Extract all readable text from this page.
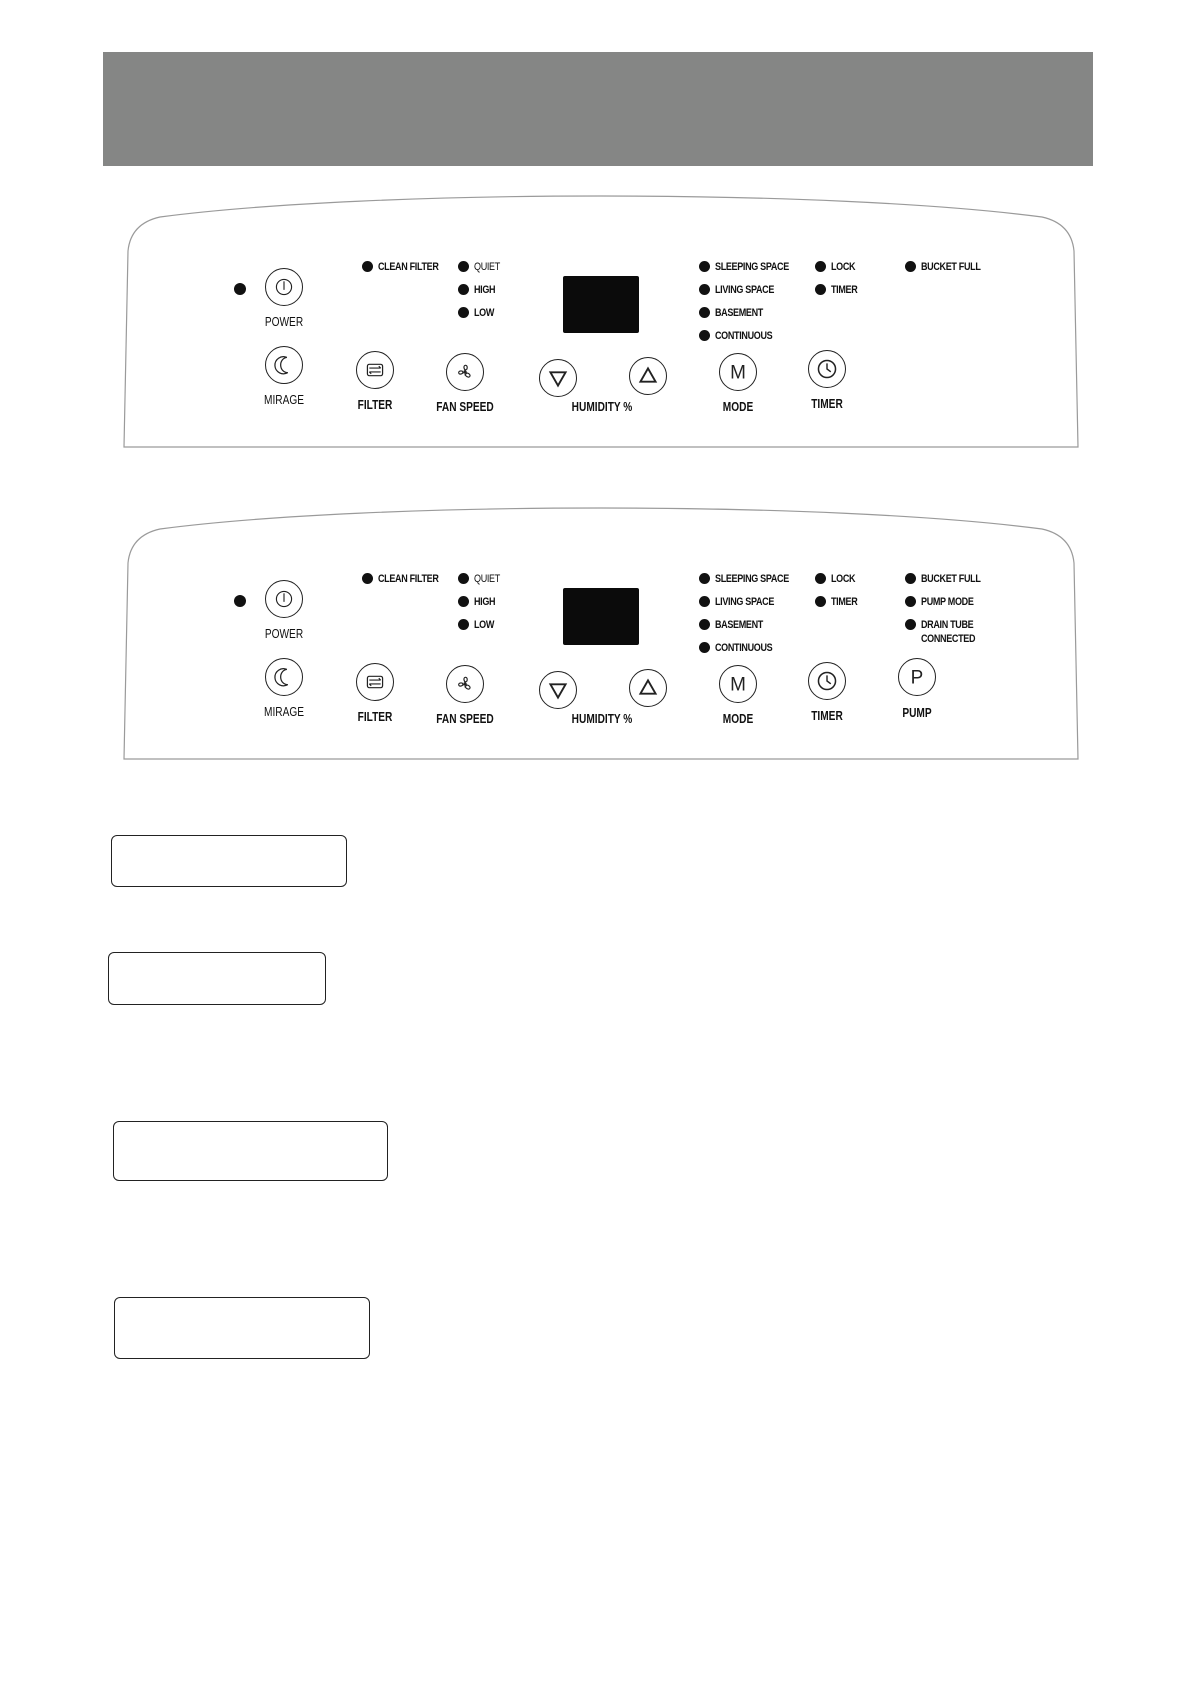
CLEAN FILTER	QUIET
HIGH
LOW
SLEEPING SPACE
LIVING SPACE
BASEMENT
CONTINUOUS
LOCK
TIMER
BUCKET FULL
POWER
MIRAGE	FILTER	FAN SPEED	HUMIDITY %
M
MODE	TIMER
CLEAN FILTER	QUIET
HIGH
LOW
SLEEPING SPACE
LIVING SPACE
BASEMENT
CONTINUOUS
LOCK
TIMER
BUCKET FULL
PUMP MODE
DRAIN TUBE
CONNECTED
POWER
MIRAGE	FILTER	FAN SPEED	HUMIDITY %
M
MODE	TIMER
P
PUMP
